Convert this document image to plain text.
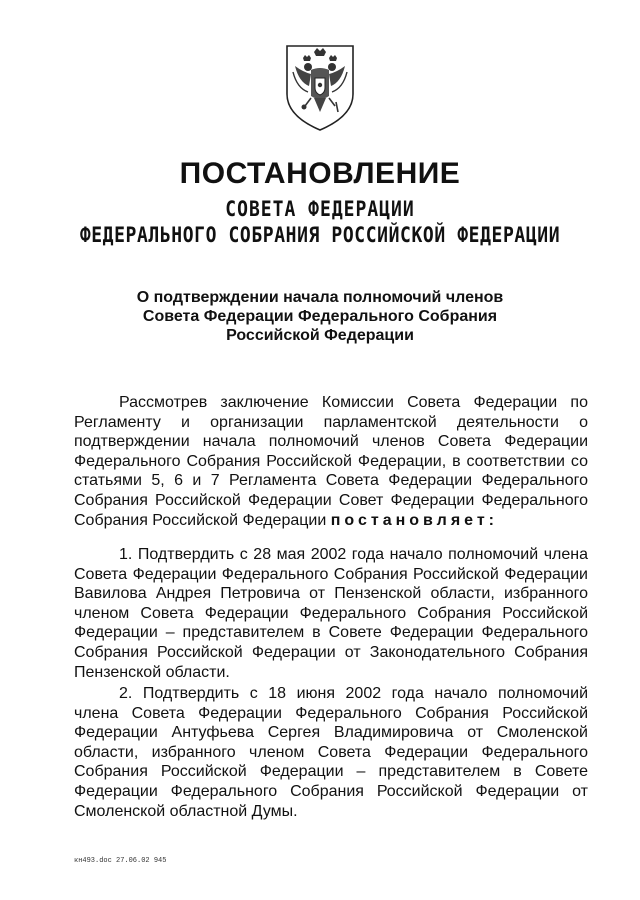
ПОСТАНОВЛЕНИЕ
СОВЕТА ФЕДЕРАЦИИ
ФЕДЕРАЛЬНОГО СОБРАНИЯ РОССИЙСКОЙ ФЕДЕРАЦИИ
О подтверждении начала полномочий членов
Совета Федерации Федерального Собрания
Российской Федерации
Рассмотрев заключение Комиссии Совета Федерации по Регламенту и организации парламентской деятельности о подтверждении начала полномочий членов Совета Федерации Федерального Собрания Российской Федерации, в соответствии со статьями 5, 6 и 7 Регламента Совета Федерации Федерального Собрания Российской Федерации Совет Федерации Федерального Собрания Российской Федерации постановляет:
1. Подтвердить с 28 мая 2002 года начало полномочий члена Совета Федерации Федерального Собрания Российской Федерации Вавилова Андрея Петровича от Пензенской области, избранного членом Совета Федерации Федерального Собрания Российской Федерации – представителем в Совете Федерации Федерального Собрания Российской Федерации от Законодательного Собрания Пензенской области.
2. Подтвердить с 18 июня 2002 года начало полномочий члена Совета Федерации Федерального Собрания Российской Федерации Антуфьева Сергея Владимировича от Смоленской области, избранного членом Совета Федерации Федерального Собрания Российской Федерации – представителем в Совете Федерации Федерального Собрания Российской Федерации от Смоленской областной Думы.
кн493.doc 27.06.02 945
